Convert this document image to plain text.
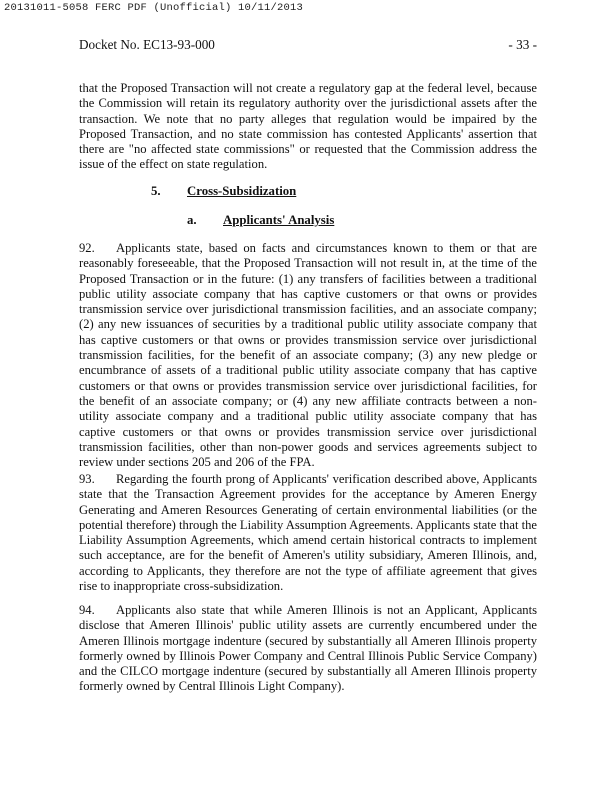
20131011-5058 FERC PDF (Unofficial) 10/11/2013
Docket No. EC13-93-000	- 33 -

that the Proposed Transaction will not create a regulatory gap at the federal level, because the Commission will retain its regulatory authority over the jurisdictional assets after the transaction. We note that no party alleges that regulation would be impaired by the Proposed Transaction, and no state commission has contested Applicants' assertion that there are "no affected state commissions" or requested that the Commission address the issue of the effect on state regulation.

5. Cross-Subsidization
a. Applicants' Analysis

92. Applicants state, based on facts and circumstances known to them or that are reasonably foreseeable, that the Proposed Transaction will not result in, at the time of the Proposed Transaction or in the future: (1) any transfers of facilities between a traditional public utility associate company that has captive customers or that owns or provides transmission service over jurisdictional transmission facilities, and an associate company; (2) any new issuances of securities by a traditional public utility associate company that has captive customers or that owns or provides transmission service over jurisdictional transmission facilities, for the benefit of an associate company; (3) any new pledge or encumbrance of assets of a traditional public utility associate company that has captive customers or that owns or provides transmission service over jurisdictional facilities, for the benefit of an associate company; or (4) any new affiliate contracts between a non-utility associate company and a traditional public utility associate company that has captive customers or that owns or provides transmission service over jurisdictional transmission facilities, other than non-power goods and services agreements subject to review under sections 205 and 206 of the FPA.

93. Regarding the fourth prong of Applicants' verification described above, Applicants state that the Transaction Agreement provides for the acceptance by Ameren Energy Generating and Ameren Resources Generating of certain environmental liabilities (or the potential therefore) through the Liability Assumption Agreements. Applicants state that the Liability Assumption Agreements, which amend certain historical contracts to implement such acceptance, are for the benefit of Ameren's utility subsidiary, Ameren Illinois, and, according to Applicants, they therefore are not the type of affiliate agreement that gives rise to inappropriate cross-subsidization.

94. Applicants also state that while Ameren Illinois is not an Applicant, Applicants disclose that Ameren Illinois' public utility assets are currently encumbered under the Ameren Illinois mortgage indenture (secured by substantially all Ameren Illinois property formerly owned by Illinois Power Company and Central Illinois Public Service Company) and the CILCO mortgage indenture (secured by substantially all Ameren Illinois property formerly owned by Central Illinois Light Company).
